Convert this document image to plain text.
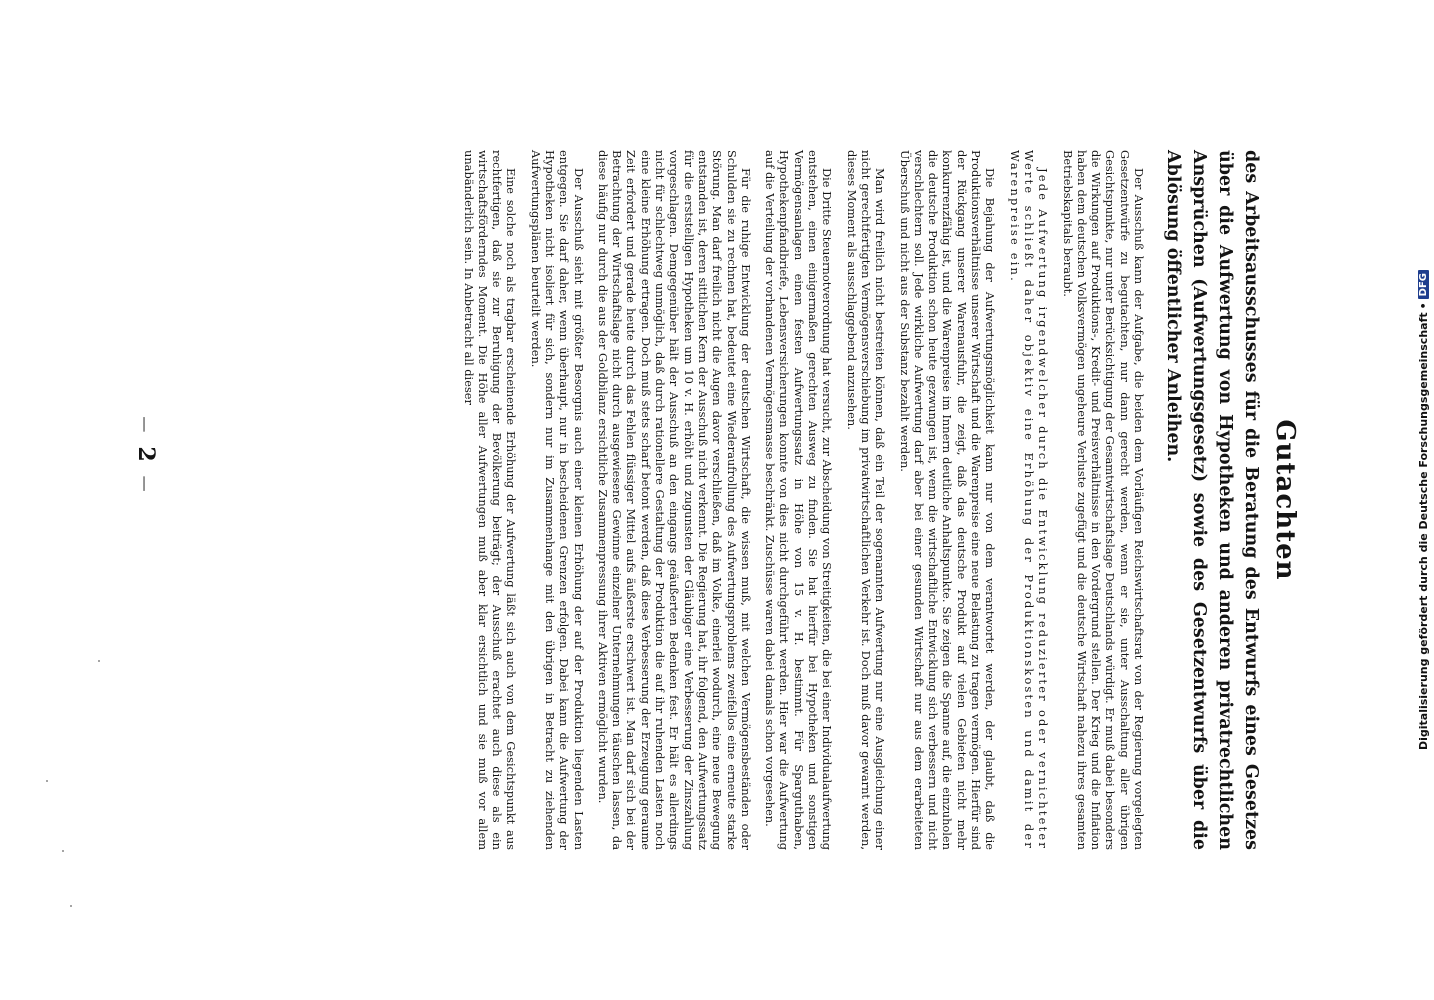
—
2
—	Gutachten
des Arbeitsausschusses für die Beratung des Entwurfs eines Gesetzes über die Aufwertung von Hypotheken und anderen privatrechtlichen Ansprüchen (Aufwertungsgesetz) sowie des Gesetzentwurfs über die Ablösung öffentlicher Anleihen.

Der Ausschuß kann der Aufgabe, die beiden dem Vorläufigen Reichswirtschaftsrat von der Regierung vorgelegten Gesetzentwürfe zu begutachten, nur dann gerecht werden, wenn er sie, unter Ausschaltung aller übrigen Gesichtspunkte, nur unter Berücksichtigung der Gesamtwirtschaftslage Deutschlands würdigt. Er muß dabei besonders die Wirkungen auf Produktions-, Kredit- und Preisverhältnisse in den Vordergrund stellen. Der Krieg und die Inflation haben dem deutschen Volksvermögen ungeheure Verluste zugefügt und die deutsche Wirtschaft nahezu ihres gesamten Betriebskapitals beraubt.

Jede Aufwertung irgendwelcher durch die Entwicklung reduzierter oder vernichteter Werte schließt daher objektiv eine Erhöhung der Produktionskosten und damit der Warenpreise ein.

Die Bejahung der Aufwertungsmöglichkeit kann nur von dem verantwortet werden, der glaubt, daß die Produktionsverhältnisse unserer Wirtschaft und die Warenpreise eine neue Belastung zu tragen vermögen. Hierfür sind der Rückgang unserer Warenausfuhr, die zeigt, daß das deutsche Produkt auf vielen Gebieten nicht mehr konkurrenzfähig ist, und die Warenpreise im Innern deutliche Anhaltspunkte. Sie zeigen die Spanne auf, die einzuholen die deutsche Produktion schon heute gezwungen ist, wenn die wirtschaftliche Entwicklung sich verbessern und nicht verschlechtern soll. Jede wirkliche Aufwertung darf aber bei einer gesunden Wirtschaft nur aus dem erarbeiteten Überschuß und nicht aus der Substanz bezahlt werden.

Man wird freilich nicht bestreiten können, daß ein Teil der sogenannten Aufwertung nur eine Ausgleichung einer nicht gerechtfertigten Vermögensverschiebung im privatwirtschaftlichen Verkehr ist. Doch muß davor gewarnt werden, dieses Moment als ausschlaggebend anzusehen.

Die Dritte Steuernotverordnung hat versucht, zur Abscheidung von Streitigkeiten, die bei einer Individualaufwertung entstehen, einen einigermaßen gerechten Ausweg zu finden. Sie hat hierfür bei Hypotheken und sonstigen Vermögensanlagen einen festen Aufwertungssatz in Höhe von 15 v. H. bestimmt. Für Sparguthaben, Hypothekenpfandbriefe, Lebensversicherungen konnte von dies nicht durchgeführt werden. Hier war die Aufwertung auf die Verteilung der vorhandenen Vermögensmasse beschränkt. Zuschüsse waren dabei damals schon vorgesehen.

Für die ruhige Entwicklung der deutschen Wirtschaft, die wissen muß, mit welchen Vermögensbeständen oder Schulden sie zu rechnen hat, bedeutet eine Wiederaufrollung des Aufwertungsproblems zweifellos eine erneute starke Störung. Man darf freilich nicht die Augen davor verschließen, daß im Volke, einerlei wodurch, eine neue Bewegung entstanden ist, deren sittlichen Kern der Ausschuß nicht verkennt. Die Regierung hat, ihr folgend, den Aufwertungssatz für die erststelligen Hypotheken um 10 v. H. erhöht und zugunsten der Gläubiger eine Verbesserung der Zinszahlung vorgeschlagen. Demgegenüber hält der Ausschuß an den eingangs geäußerten Bedenken fest. Er hält es allerdings nicht für schlechtweg unmöglich, daß durch rationellere Gestaltung der Produktion die auf ihr ruhenden Lasten noch eine kleine Erhöhung ertragen. Doch muß stets scharf betont werden, daß diese Verbesserung der Erzeugung geraume Zeit erfordert und gerade heute durch das Fehlen flüssiger Mittel aufs äußerste erschwert ist. Man darf sich bei der Betrachtung der Wirtschaftslage nicht durch ausgewiesene Gewinne einzelner Unternehmungen täuschen lassen, da diese häufig nur durch die aus der Goldbilanz ersichtliche Zusammenpressung ihrer Aktiven ermöglicht wurden.

Der Ausschuß sieht mit größter Besorgnis auch einer kleinen Erhöhung der auf der Produktion liegenden Lasten entgegen. Sie darf daher, wenn überhaupt, nur in bescheidenen Grenzen erfolgen. Dabei kann die Aufwertung der Hypotheken nicht isoliert für sich, sondern nur im Zusammenhange mit den übrigen in Betracht zu ziehenden Aufwertungsplänen beurteilt werden.

Eine solche noch als tragbar erscheinende Erhöhung der Aufwertung läßt sich auch von dem Gesichtspunkt aus rechtfertigen, daß sie zur Beruhigung der Bevölkerung beiträgt; der Ausschuß erachtet auch diese als ein wirtschaftsförderndes Moment. Die Höhe aller Aufwertungen muß aber klar ersichtlich und sie muß vor allem unabänderlich sein. In Anbetracht all dieser

Digitalisierung gefördert durch die Deutsche Forschungsgemeinschaft
•
DFG
